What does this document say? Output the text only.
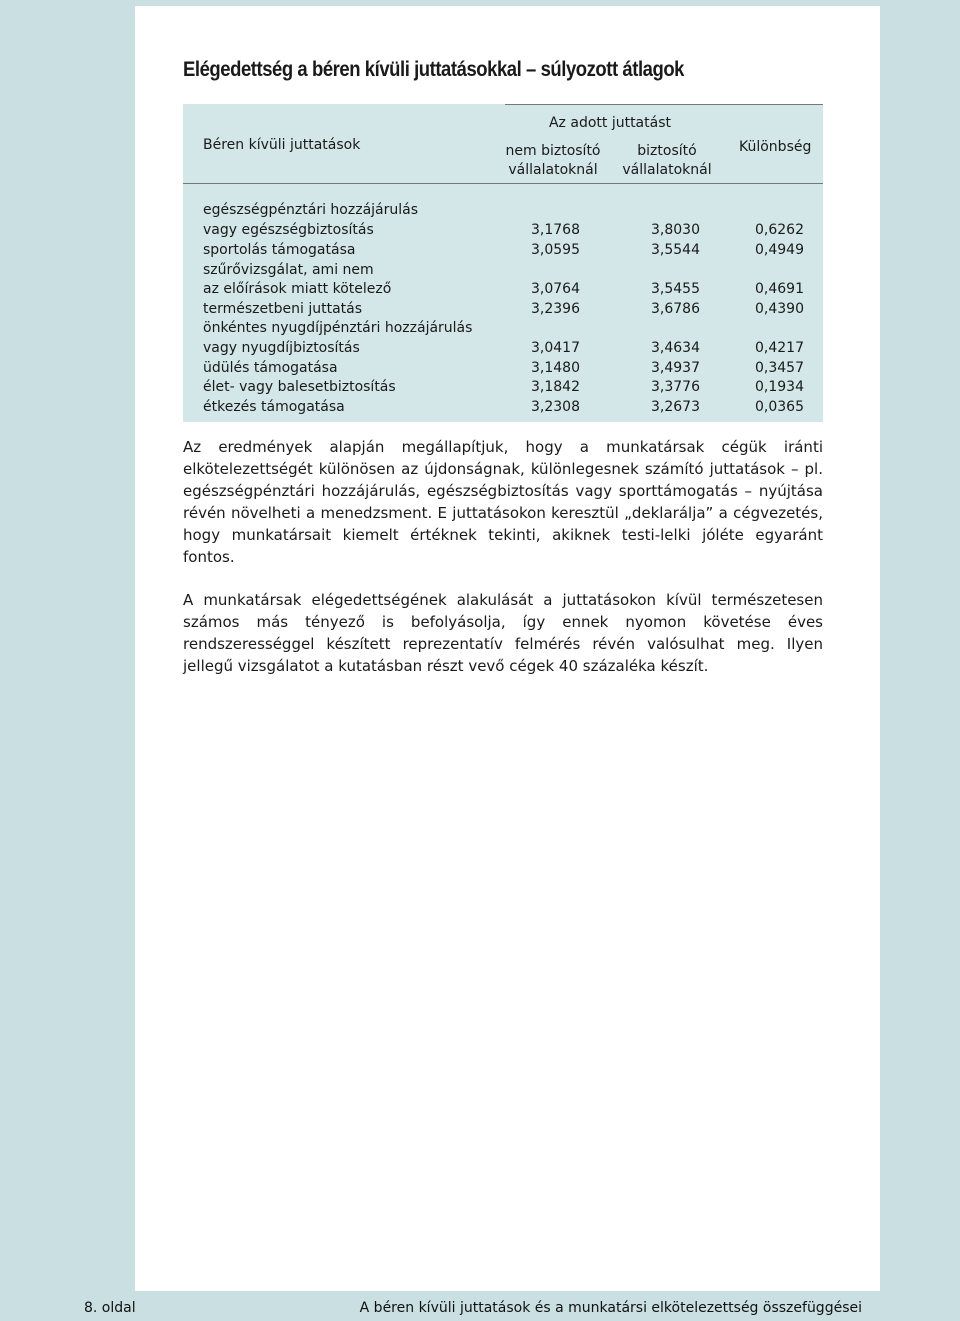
Elégedettség a béren kívüli juttatásokkal – súlyozott átlagok
Béren kívüli juttatások
Az adott juttatást
nem biztosító
vállalatoknál
biztosító
vállalatoknál
Különbség
egészségpénztári hozzájárulás
vagy egészségbiztosítás	3,1768	3,8030	0,6262
sportolás támogatása	3,0595	3,5544	0,4949
szűrővizsgálat, ami nem
az előírások miatt kötelező	3,0764	3,5455	0,4691
természetbeni juttatás	3,2396	3,6786	0,4390
önkéntes nyugdíjpénztári hozzájárulás
vagy nyugdíjbiztosítás	3,0417	3,4634	0,4217
üdülés támogatása	3,1480	3,4937	0,3457
élet- vagy balesetbiztosítás	3,1842	3,3776	0,1934
étkezés támogatása	3,2308	3,2673	0,0365
Az eredmények alapján megállapítjuk, hogy a munkatársak cégük iránti elkötelezettségét különösen az újdonságnak, különlegesnek számító juttatások – pl. egészségpénztári hozzájárulás, egészségbiztosítás vagy sporttámogatás – nyújtása révén növelheti a menedzsment. E juttatásokon keresztül „deklarálja” a cégvezetés, hogy munkatársait kiemelt értéknek tekinti, akiknek testi-lelki jóléte egyaránt fontos.
A munkatársak elégedettségének alakulását a juttatásokon kívül természetesen számos más tényező is befolyásolja, így ennek nyomon követése éves rendszerességgel készített reprezentatív felmérés révén valósulhat meg. Ilyen jellegű vizsgálatot a kutatásban részt vevő cégek 40 százaléka készít.
8. oldal	A béren kívüli juttatások és a munkatársi elkötelezettség összefüggései
